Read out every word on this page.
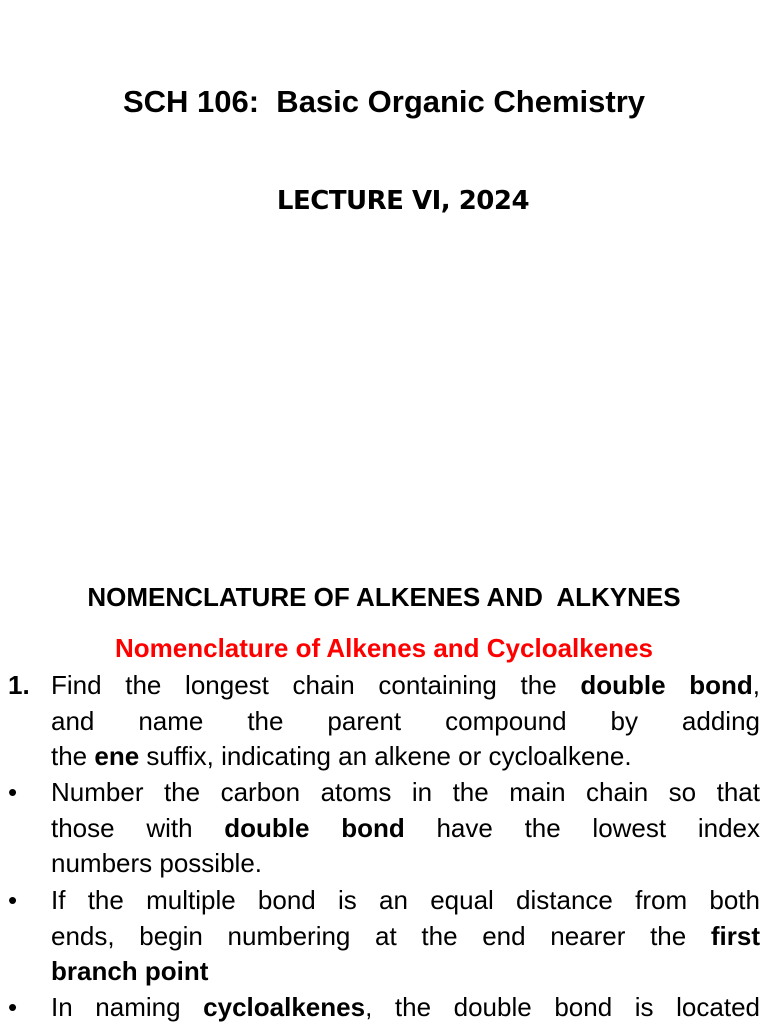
SCH 106:  Basic Organic Chemistry
LECTURE VI, 2024
NOMENCLATURE OF ALKENES AND  ALKYNES
Nomenclature of Alkenes and Cycloalkenes
1. Find the longest chain containing the double bond,
and name the parent compound by adding
the ene suffix, indicating an alkene or cycloalkene.
• Number the carbon atoms in the main chain so that
those with double bond have the lowest index
numbers possible.
• If the multiple bond is an equal distance from both
ends, begin numbering at the end nearer the first
branch point
• In naming cycloalkenes, the double bond is located
